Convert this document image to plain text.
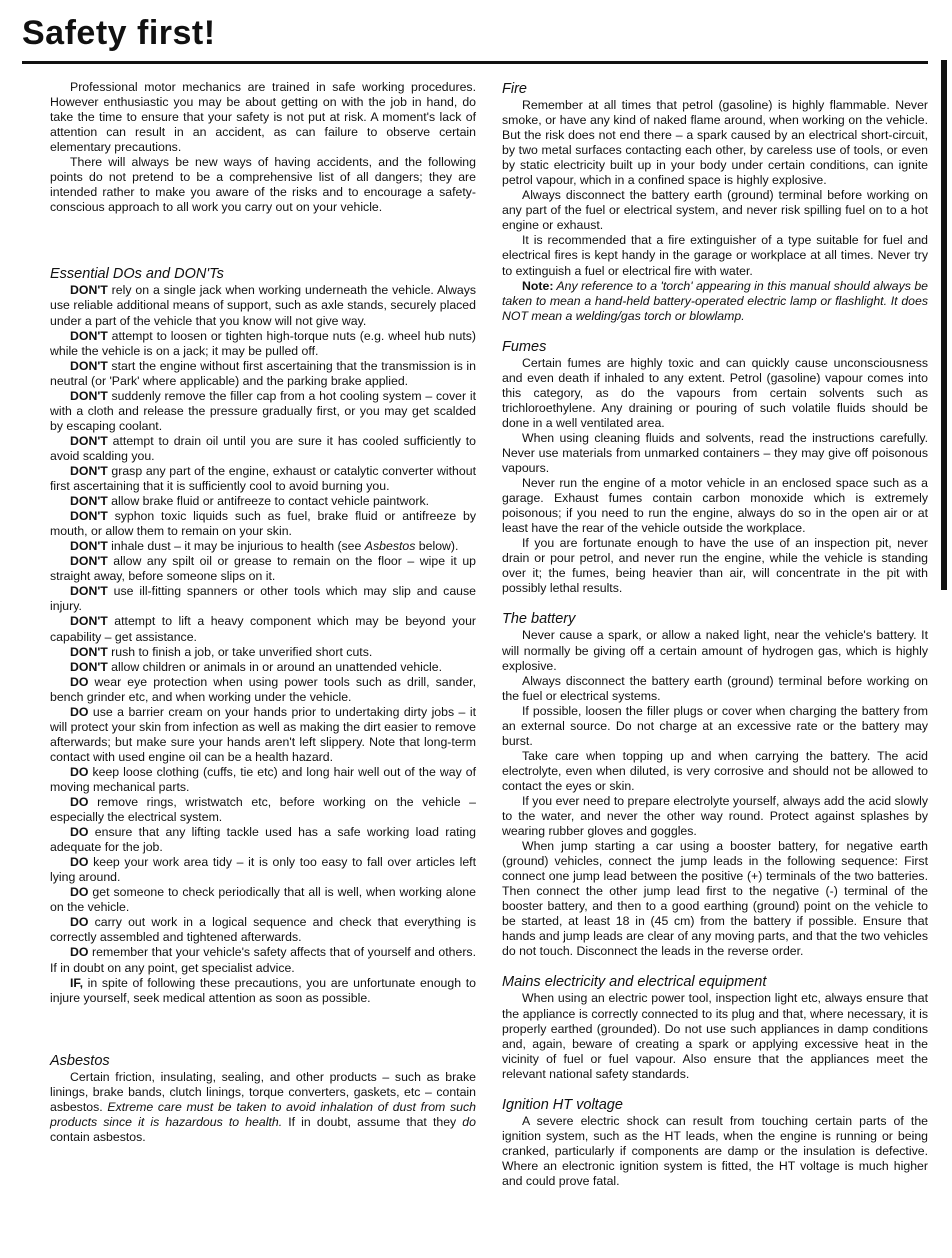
Safety first!

Professional motor mechanics are trained in safe working procedures. However enthusiastic you may be about getting on with the job in hand, do take the time to ensure that your safety is not put at risk. A moment's lack of attention can result in an accident, as can failure to observe certain elementary precautions.

There will always be new ways of having accidents, and the following points do not pretend to be a comprehensive list of all dangers; they are intended rather to make you aware of the risks and to encourage a safety-conscious approach to all work you carry out on your vehicle.

Essential DOs and DON'Ts

DON'T rely on a single jack when working underneath the vehicle. Always use reliable additional means of support, such as axle stands, securely placed under a part of the vehicle that you know will not give way.

DON'T attempt to loosen or tighten high-torque nuts (e.g. wheel hub nuts) while the vehicle is on a jack; it may be pulled off.

DON'T start the engine without first ascertaining that the transmission is in neutral (or 'Park' where applicable) and the parking brake applied.

DON'T suddenly remove the filler cap from a hot cooling system – cover it with a cloth and release the pressure gradually first, or you may get scalded by escaping coolant.

DON'T attempt to drain oil until you are sure it has cooled sufficiently to avoid scalding you.

DON'T grasp any part of the engine, exhaust or catalytic converter without first ascertaining that it is sufficiently cool to avoid burning you.

DON'T allow brake fluid or antifreeze to contact vehicle paintwork.

DON'T syphon toxic liquids such as fuel, brake fluid or antifreeze by mouth, or allow them to remain on your skin.

DON'T inhale dust – it may be injurious to health (see Asbestos below).

DON'T allow any spilt oil or grease to remain on the floor – wipe it up straight away, before someone slips on it.

DON'T use ill-fitting spanners or other tools which may slip and cause injury.

DON'T attempt to lift a heavy component which may be beyond your capability – get assistance.

DON'T rush to finish a job, or take unverified short cuts.

DON'T allow children or animals in or around an unattended vehicle.

DO wear eye protection when using power tools such as drill, sander, bench grinder etc, and when working under the vehicle.

DO use a barrier cream on your hands prior to undertaking dirty jobs – it will protect your skin from infection as well as making the dirt easier to remove afterwards; but make sure your hands aren't left slippery. Note that long-term contact with used engine oil can be a health hazard.

DO keep loose clothing (cuffs, tie etc) and long hair well out of the way of moving mechanical parts.

DO remove rings, wristwatch etc, before working on the vehicle – especially the electrical system.

DO ensure that any lifting tackle used has a safe working load rating adequate for the job.

DO keep your work area tidy – it is only too easy to fall over articles left lying around.

DO get someone to check periodically that all is well, when working alone on the vehicle.

DO carry out work in a logical sequence and check that everything is correctly assembled and tightened afterwards.

DO remember that your vehicle's safety affects that of yourself and others. If in doubt on any point, get specialist advice.

IF, in spite of following these precautions, you are unfortunate enough to injure yourself, seek medical attention as soon as possible.

Asbestos

Certain friction, insulating, sealing, and other products – such as brake linings, brake bands, clutch linings, torque converters, gaskets, etc – contain asbestos. Extreme care must be taken to avoid inhalation of dust from such products since it is hazardous to health. If in doubt, assume that they do contain asbestos.

Fire

Remember at all times that petrol (gasoline) is highly flammable. Never smoke, or have any kind of naked flame around, when working on the vehicle. But the risk does not end there – a spark caused by an electrical short-circuit, by two metal surfaces contacting each other, by careless use of tools, or even by static electricity built up in your body under certain conditions, can ignite petrol vapour, which in a confined space is highly explosive.

Always disconnect the battery earth (ground) terminal before working on any part of the fuel or electrical system, and never risk spilling fuel on to a hot engine or exhaust.

It is recommended that a fire extinguisher of a type suitable for fuel and electrical fires is kept handy in the garage or workplace at all times. Never try to extinguish a fuel or electrical fire with water.

Note: Any reference to a 'torch' appearing in this manual should always be taken to mean a hand-held battery-operated electric lamp or flashlight. It does NOT mean a welding/gas torch or blowlamp.

Fumes

Certain fumes are highly toxic and can quickly cause unconsciousness and even death if inhaled to any extent. Petrol (gasoline) vapour comes into this category, as do the vapours from certain solvents such as trichloroethylene. Any draining or pouring of such volatile fluids should be done in a well ventilated area.

When using cleaning fluids and solvents, read the instructions carefully. Never use materials from unmarked containers – they may give off poisonous vapours.

Never run the engine of a motor vehicle in an enclosed space such as a garage. Exhaust fumes contain carbon monoxide which is extremely poisonous; if you need to run the engine, always do so in the open air or at least have the rear of the vehicle outside the workplace.

If you are fortunate enough to have the use of an inspection pit, never drain or pour petrol, and never run the engine, while the vehicle is standing over it; the fumes, being heavier than air, will concentrate in the pit with possibly lethal results.

The battery

Never cause a spark, or allow a naked light, near the vehicle's battery. It will normally be giving off a certain amount of hydrogen gas, which is highly explosive.

Always disconnect the battery earth (ground) terminal before working on the fuel or electrical systems.

If possible, loosen the filler plugs or cover when charging the battery from an external source. Do not charge at an excessive rate or the battery may burst.

Take care when topping up and when carrying the battery. The acid electrolyte, even when diluted, is very corrosive and should not be allowed to contact the eyes or skin.

If you ever need to prepare electrolyte yourself, always add the acid slowly to the water, and never the other way round. Protect against splashes by wearing rubber gloves and goggles.

When jump starting a car using a booster battery, for negative earth (ground) vehicles, connect the jump leads in the following sequence: First connect one jump lead between the positive (+) terminals of the two batteries. Then connect the other jump lead first to the negative (-) terminal of the booster battery, and then to a good earthing (ground) point on the vehicle to be started, at least 18 in (45 cm) from the battery if possible. Ensure that hands and jump leads are clear of any moving parts, and that the two vehicles do not touch. Disconnect the leads in the reverse order.

Mains electricity and electrical equipment

When using an electric power tool, inspection light etc, always ensure that the appliance is correctly connected to its plug and that, where necessary, it is properly earthed (grounded). Do not use such appliances in damp conditions and, again, beware of creating a spark or applying excessive heat in the vicinity of fuel or fuel vapour. Also ensure that the appliances meet the relevant national safety standards.

Ignition HT voltage

A severe electric shock can result from touching certain parts of the ignition system, such as the HT leads, when the engine is running or being cranked, particularly if components are damp or the insulation is defective. Where an electronic ignition system is fitted, the HT voltage is much higher and could prove fatal.
